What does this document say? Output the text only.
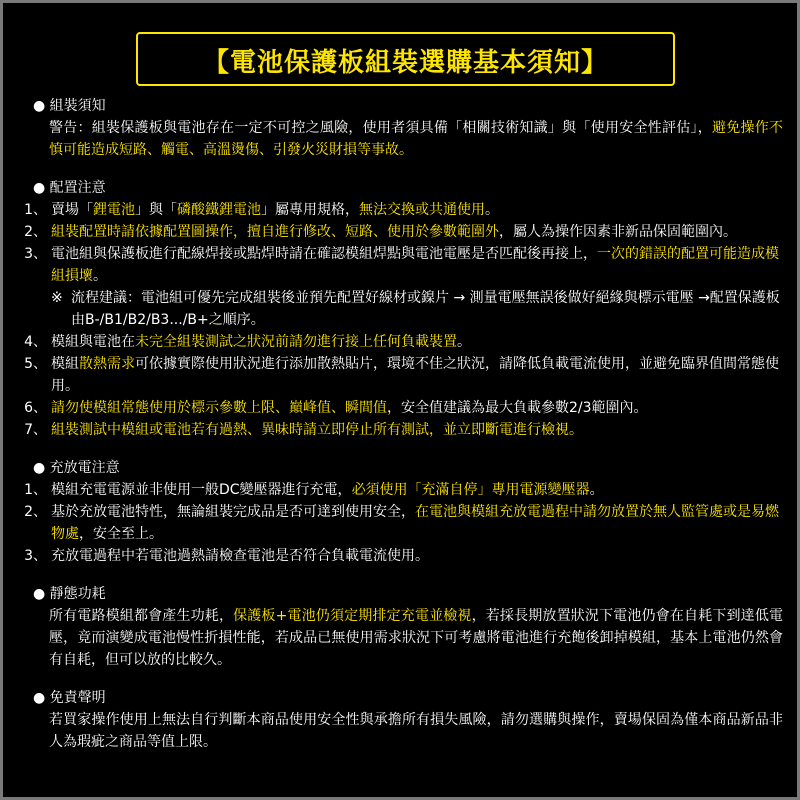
【電池保護板組裝選購基本須知】
● 組裝須知
警告：組裝保護板與電池存在一定不可控之風險，使用者須具備「相關技術知識」與「使用安全性評估」，避免操作不慎可能造成短路、觸電、高溫燙傷、引發火災財損等事故。
● 配置注意
1、 賣場「鋰電池」與「磷酸鐵鋰電池」屬專用規格，無法交換或共通使用。
2、 組裝配置時請依據配置圖操作，擅自進行修改、短路、使用於參數範圍外，屬人為操作因素非新品保固範圍內。
3、 電池組與保護板進行配線焊接或點焊時請在確認模組焊點與電池電壓是否匹配後再接上，一次的錯誤的配置可能造成模組損壞。
※ 流程建議：電池組可優先完成組裝後並預先配置好線材或鎳片 → 測量電壓無誤後做好絕緣與標示電壓 →配置保護板 由B-/B1/B2/B3.../B+之順序。
4、 模組與電池在未完全組裝測試之狀況前請勿進行接上任何負載裝置。
5、 模組散熱需求可依據實際使用狀況進行添加散熱貼片，環境不佳之狀況，請降低負載電流使用，並避免臨界值間常態使用。
6、 請勿使模組常態使用於標示參數上限、巔峰值、瞬間值，安全值建議為最大負載參數2/3範圍內。
7、 組裝測試中模組或電池若有過熱、異味時請立即停止所有測試，並立即斷電進行檢視。
● 充放電注意
1、 模組充電電源並非使用一般DC變壓器進行充電，必須使用「充滿自停」專用電源變壓器。
2、 基於充放電池特性，無論組裝完成品是否可達到使用安全，在電池與模組充放電過程中請勿放置於無人監管處或是易燃物處，安全至上。
3、 充放電過程中若電池過熱請檢查電池是否符合負載電流使用。
● 靜態功耗
所有電路模組都會產生功耗，保護板+電池仍須定期排定充電並檢視，若採長期放置狀況下電池仍會在自耗下到達低電壓，竟而演變成電池慢性折損性能，若成品已無使用需求狀況下可考慮將電池進行充飽後卸掉模組，基本上電池仍然會有自耗，但可以放的比較久。
● 免責聲明
若買家操作使用上無法自行判斷本商品使用安全性與承擔所有損失風險，請勿選購與操作，賣場保固為僅本商品新品非人為瑕疵之商品等值上限。
